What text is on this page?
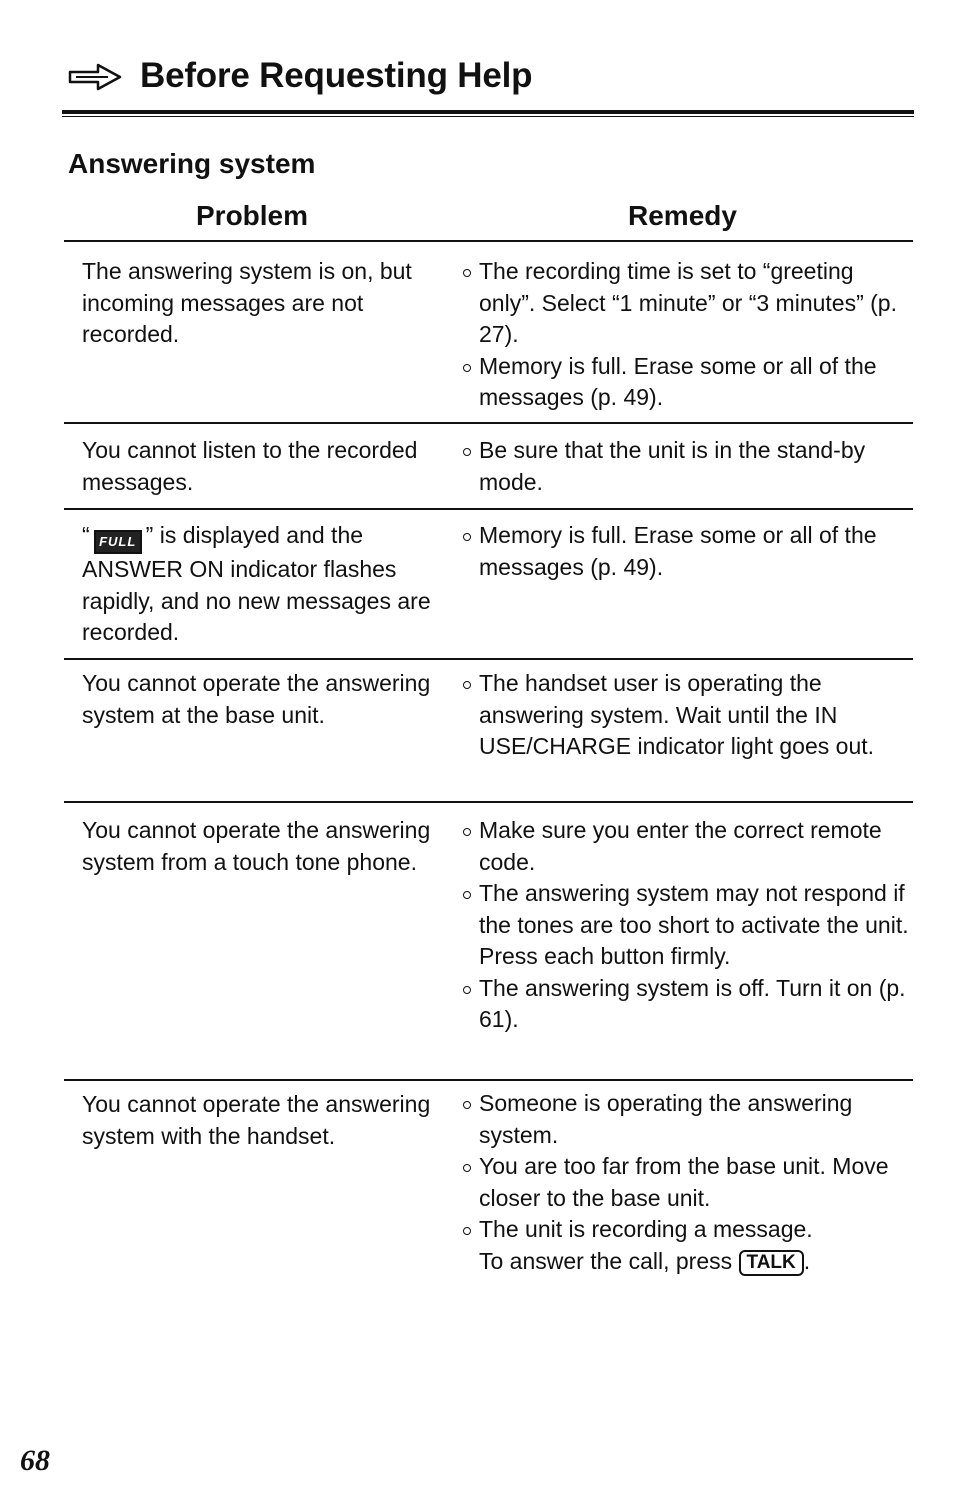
Before Requesting Help
Answering system
Problem	Remedy
The answering system is on, but incoming messages are not recorded.
The recording time is set to “greeting only”. Select “1 minute” or “3 minutes” (p. 27).
Memory is full. Erase some or all of the messages (p. 49).
You cannot listen to the recorded messages.
Be sure that the unit is in the stand-by mode.
“ FULL ” is displayed and the ANSWER ON indicator flashes rapidly, and no new messages are recorded.
Memory is full. Erase some or all of the messages (p. 49).
You cannot operate the answering system at the base unit.
The handset user is operating the answering system. Wait until the IN USE/CHARGE indicator light goes out.
You cannot operate the answering system from a touch tone phone.
Make sure you enter the correct remote code.
The answering system may not respond if the tones are too short to activate the unit. Press each button firmly.
The answering system is off. Turn it on (p. 61).
You cannot operate the answering system with the handset.
Someone is operating the answering system.
You are too far from the base unit. Move closer to the base unit.
The unit is recording a message.
To answer the call, press TALK .
68
